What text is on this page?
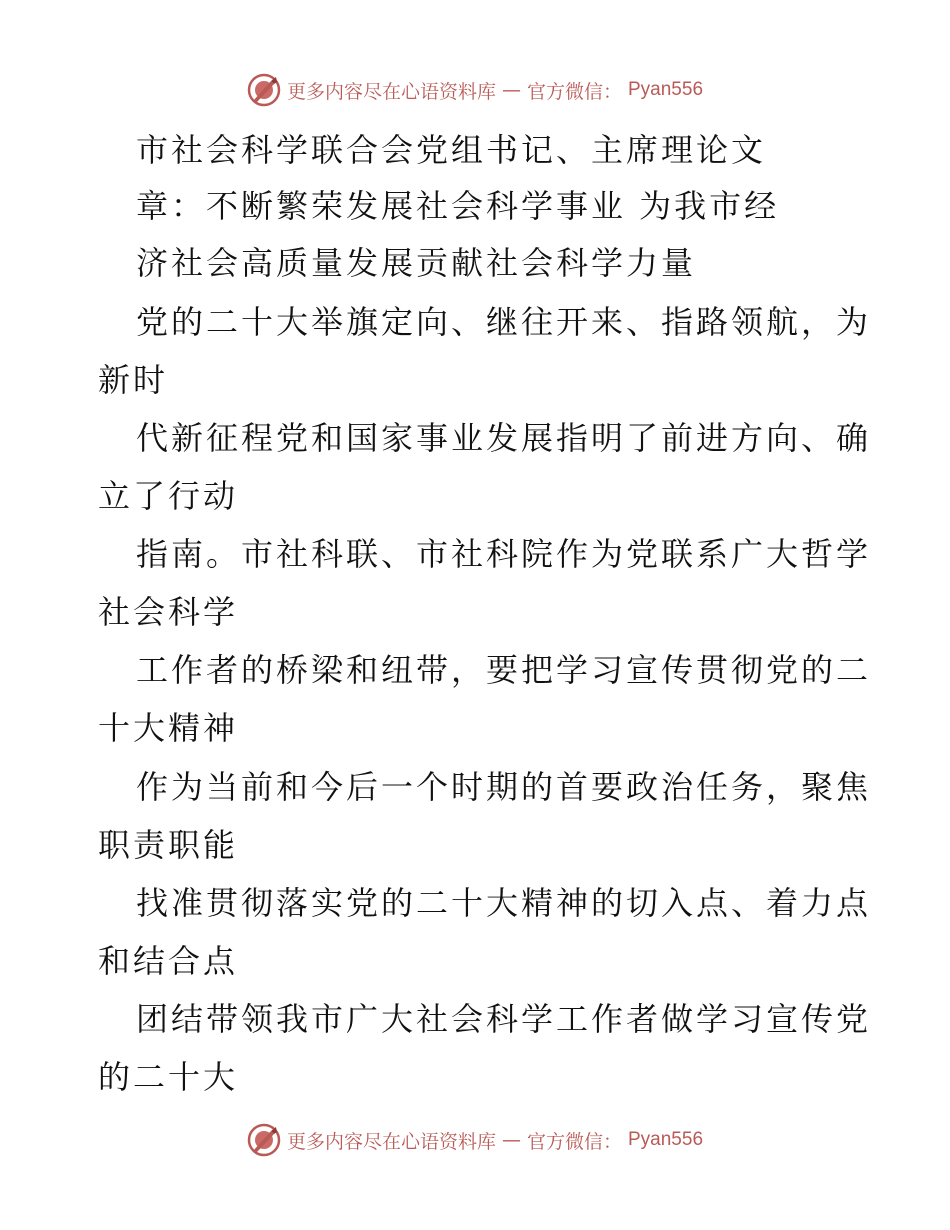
更多内容尽在心语资料库 — 官方微信： Pyan556
市社会科学联合会党组书记、主席理论文
章：不断繁荣发展社会科学事业 为我市经
济社会高质量发展贡献社会科学力量
党的二十大举旗定向、继往开来、指路领航，为
新时
代新征程党和国家事业发展指明了前进方向、确
立了行动
指南。市社科联、市社科院作为党联系广大哲学
社会科学
工作者的桥梁和纽带，要把学习宣传贯彻党的二
十大精神
作为当前和今后一个时期的首要政治任务，聚焦
职责职能
找准贯彻落实党的二十大精神的切入点、着力点
和结合点
团结带领我市广大社会科学工作者做学习宣传党
的二十大
更多内容尽在心语资料库 — 官方微信： Pyan556
